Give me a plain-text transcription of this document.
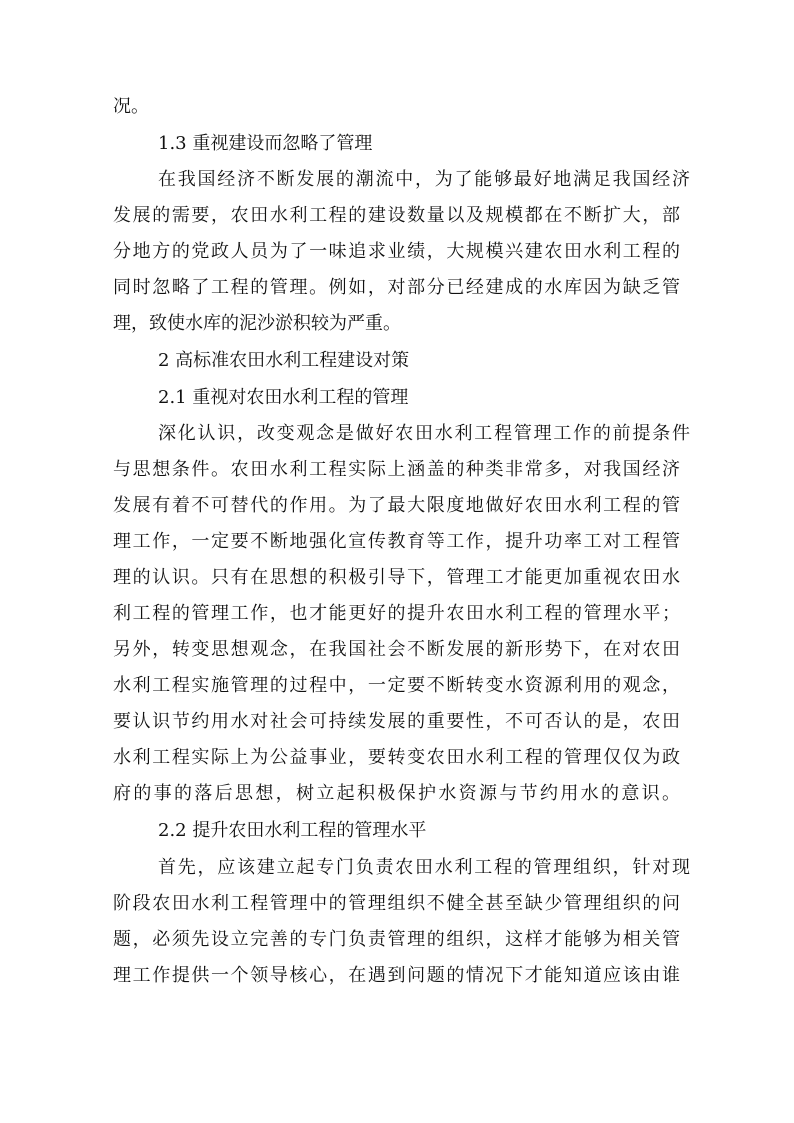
况。
1.3 重视建设而忽略了管理
在我国经济不断发展的潮流中，为了能够最好地满足我国经济
发展的需要，农田水利工程的建设数量以及规模都在不断扩大，部
分地方的党政人员为了一味追求业绩，大规模兴建农田水利工程的
同时忽略了工程的管理。例如，对部分已经建成的水库因为缺乏管
理，致使水库的泥沙淤积较为严重。
2 高标准农田水利工程建设对策
2.1 重视对农田水利工程的管理
深化认识，改变观念是做好农田水利工程管理工作的前提条件
与思想条件。农田水利工程实际上涵盖的种类非常多，对我国经济
发展有着不可替代的作用。为了最大限度地做好农田水利工程的管
理工作，一定要不断地强化宣传教育等工作，提升功率工对工程管
理的认识。只有在思想的积极引导下，管理工才能更加重视农田水
利工程的管理工作，也才能更好的提升农田水利工程的管理水平；
另外，转变思想观念，在我国社会不断发展的新形势下，在对农田
水利工程实施管理的过程中，一定要不断转变水资源利用的观念，
要认识节约用水对社会可持续发展的重要性，不可否认的是，农田
水利工程实际上为公益事业，要转变农田水利工程的管理仅仅为政
府的事的落后思想，树立起积极保护水资源与节约用水的意识。
2.2 提升农田水利工程的管理水平
首先，应该建立起专门负责农田水利工程的管理组织，针对现
阶段农田水利工程管理中的管理组织不健全甚至缺少管理组织的问
题，必须先设立完善的专门负责管理的组织，这样才能够为相关管
理工作提供一个领导核心，在遇到问题的情况下才能知道应该由谁
